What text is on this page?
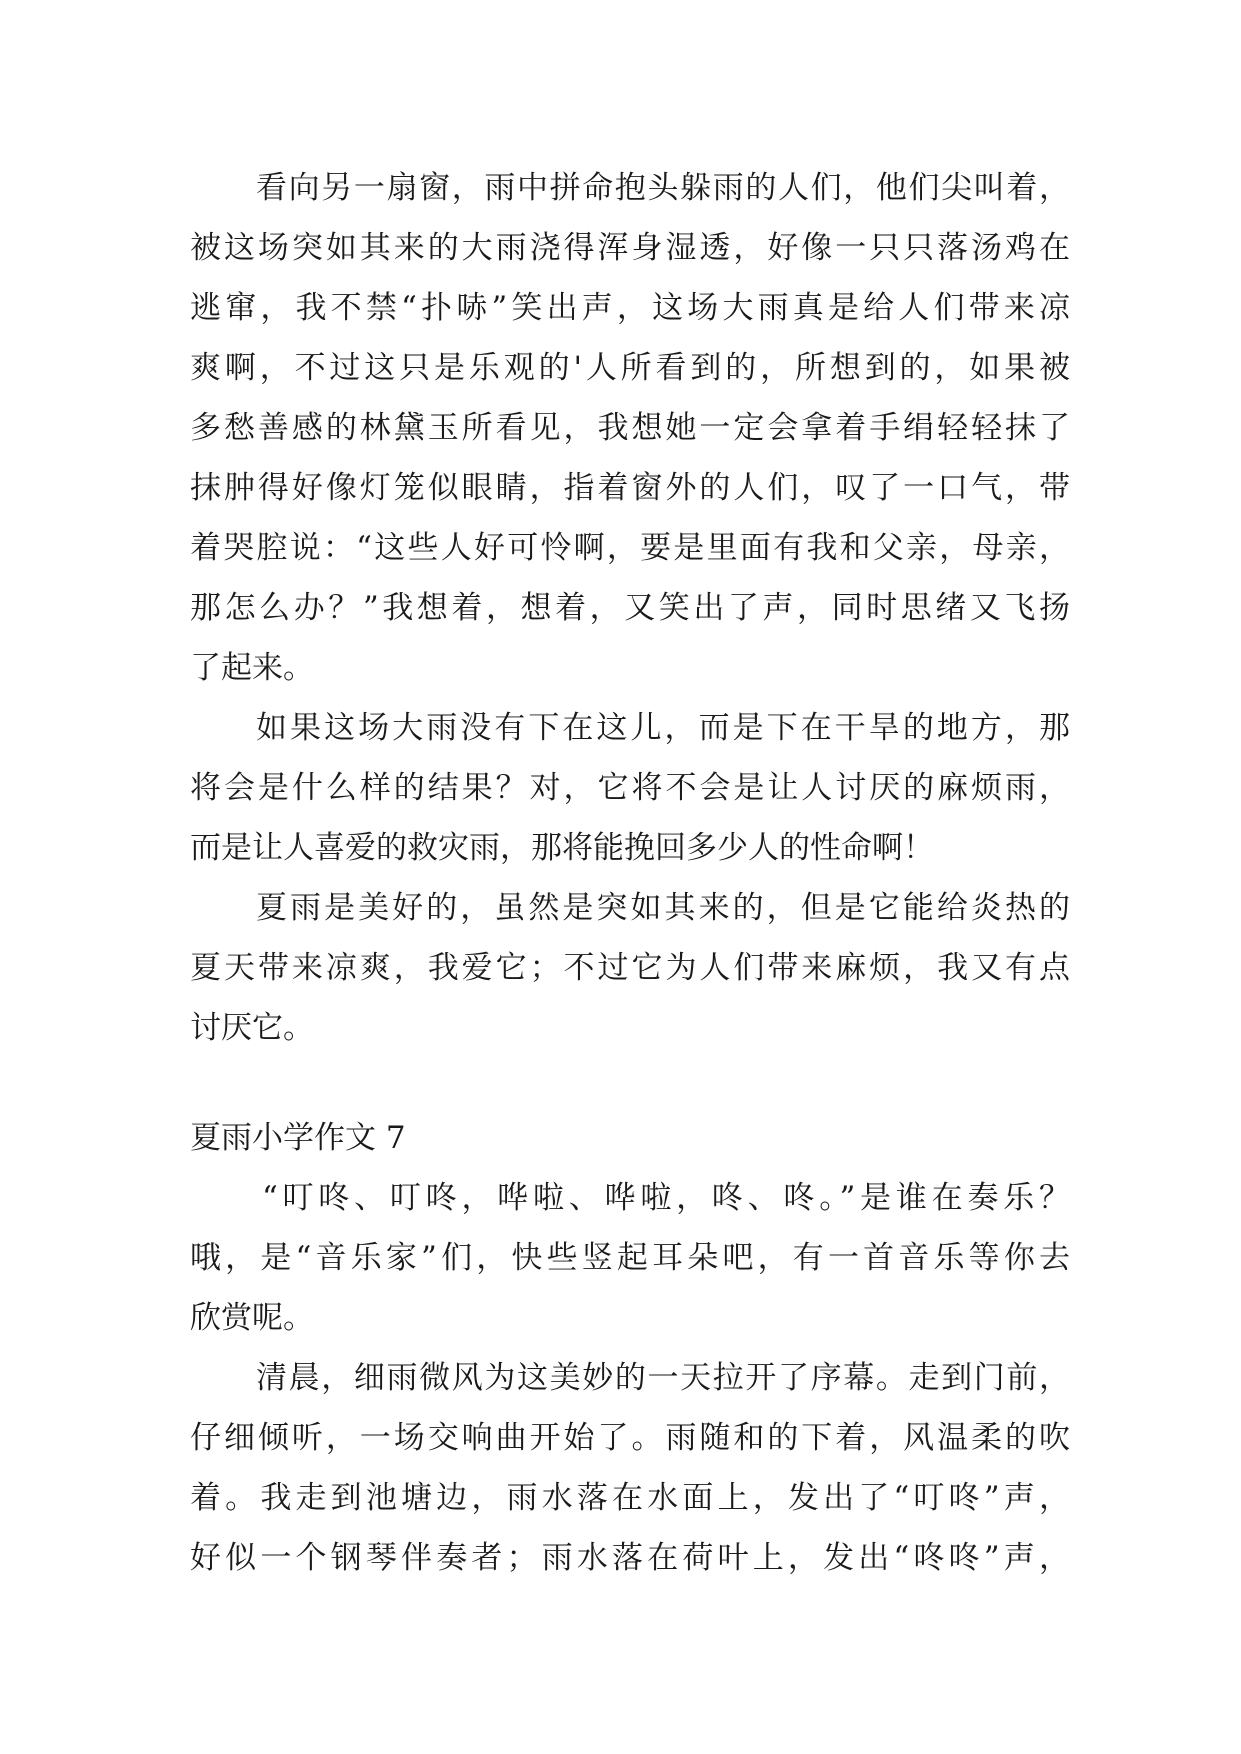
看向另一扇窗，雨中拼命抱头躲雨的人们，他们尖叫着，
被这场突如其来的大雨浇得浑身湿透，好像一只只落汤鸡在
逃窜，我不禁“扑哧”笑出声，这场大雨真是给人们带来凉
爽啊，不过这只是乐观的'人所看到的，所想到的，如果被
多愁善感的林黛玉所看见，我想她一定会拿着手绢轻轻抹了
抹肿得好像灯笼似眼睛，指着窗外的人们，叹了一口气，带
着哭腔说：“这些人好可怜啊，要是里面有我和父亲，母亲，
那怎么办？”我想着，想着，又笑出了声，同时思绪又飞扬
了起来。
如果这场大雨没有下在这儿，而是下在干旱的地方，那
将会是什么样的结果？对，它将不会是让人讨厌的麻烦雨，
而是让人喜爱的救灾雨，那将能挽回多少人的性命啊！
夏雨是美好的，虽然是突如其来的，但是它能给炎热的
夏天带来凉爽，我爱它；不过它为人们带来麻烦，我又有点
讨厌它。
夏雨小学作文 7
“叮咚、叮咚，哗啦、哗啦，咚、咚。”是谁在奏乐？
哦，是“音乐家”们，快些竖起耳朵吧，有一首音乐等你去
欣赏呢。
清晨，细雨微风为这美妙的一天拉开了序幕。走到门前，
仔细倾听，一场交响曲开始了。雨随和的下着，风温柔的吹
着。我走到池塘边，雨水落在水面上，发出了“叮咚”声，
好似一个钢琴伴奏者；雨水落在荷叶上，发出“咚咚”声，
